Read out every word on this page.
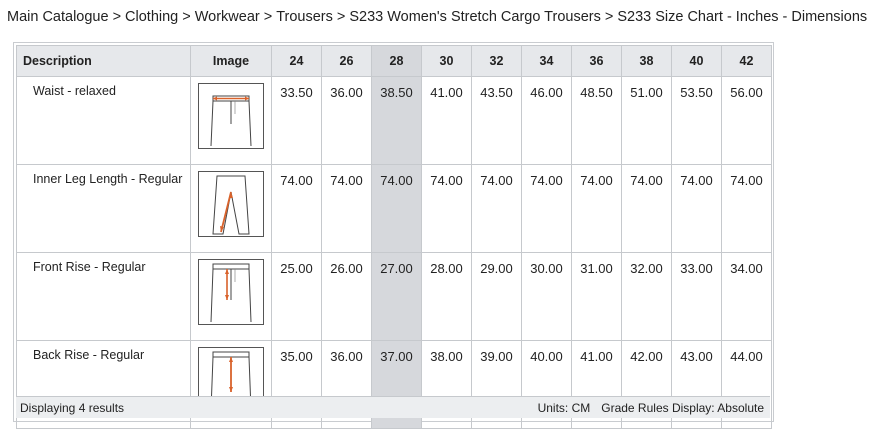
Main Catalogue > Clothing > Workwear > Trousers > S233 Women's Stretch Cargo Trousers > S233 Size Chart - Inches - Dimensions
Description	Image	24	26	28	30	32	34	36	38	40	42
Waist - relaxed		33.50	36.00	38.50	41.00	43.50	46.00	48.50	51.00	53.50	56.00
Inner Leg Length - Regular		74.00	74.00	74.00	74.00	74.00	74.00	74.00	74.00	74.00	74.00
Front Rise - Regular		25.00	26.00	27.00	28.00	29.00	30.00	31.00	32.00	33.00	34.00
Back Rise - Regular		35.00	36.00	37.00	38.00	39.00	40.00	41.00	42.00	43.00	44.00
Displaying 4 results	Units: CM Grade Rules Display: Absolute
